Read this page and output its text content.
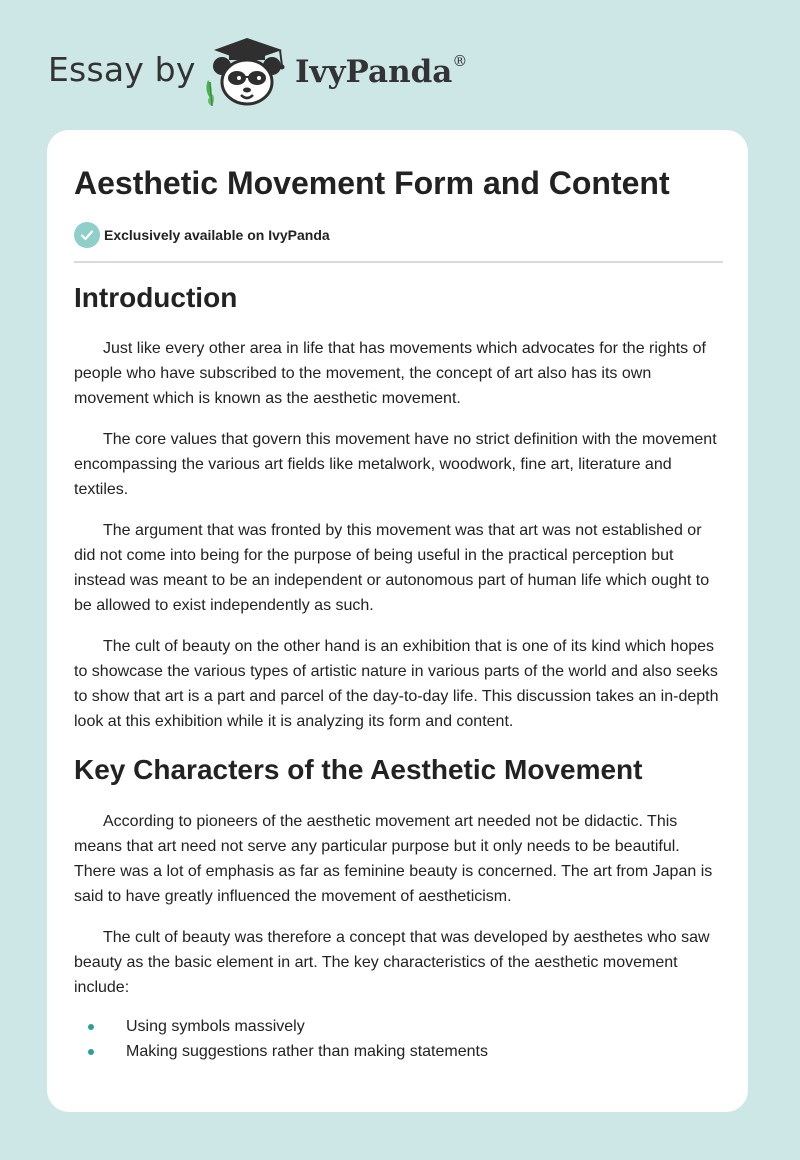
Essay by	IvyPanda®
Aesthetic Movement Form and Content
Exclusively available on IvyPanda
Introduction

Just like every other area in life that has movements which advocates for the rights of people who have subscribed to the movement, the concept of art also has its own movement which is known as the aesthetic movement.

The core values that govern this movement have no strict definition with the movement encompassing the various art fields like metalwork, woodwork, fine art, literature and textiles.

The argument that was fronted by this movement was that art was not established or did not come into being for the purpose of being useful in the practical perception but instead was meant to be an independent or autonomous part of human life which ought to be allowed to exist independently as such.

The cult of beauty on the other hand is an exhibition that is one of its kind which hopes to showcase the various types of artistic nature in various parts of the world and also seeks to show that art is a part and parcel of the day-to-day life. This discussion takes an in-depth look at this exhibition while it is analyzing its form and content.

Key Characters of the Aesthetic Movement

According to pioneers of the aesthetic movement art needed not be didactic. This means that art need not serve any particular purpose but it only needs to be beautiful. There was a lot of emphasis as far as feminine beauty is concerned. The art from Japan is said to have greatly influenced the movement of aestheticism.

The cult of beauty was therefore a concept that was developed by aesthetes who saw beauty as the basic element in art. The key characteristics of the aesthetic movement include:

Using symbols massively
Making suggestions rather than making statements
